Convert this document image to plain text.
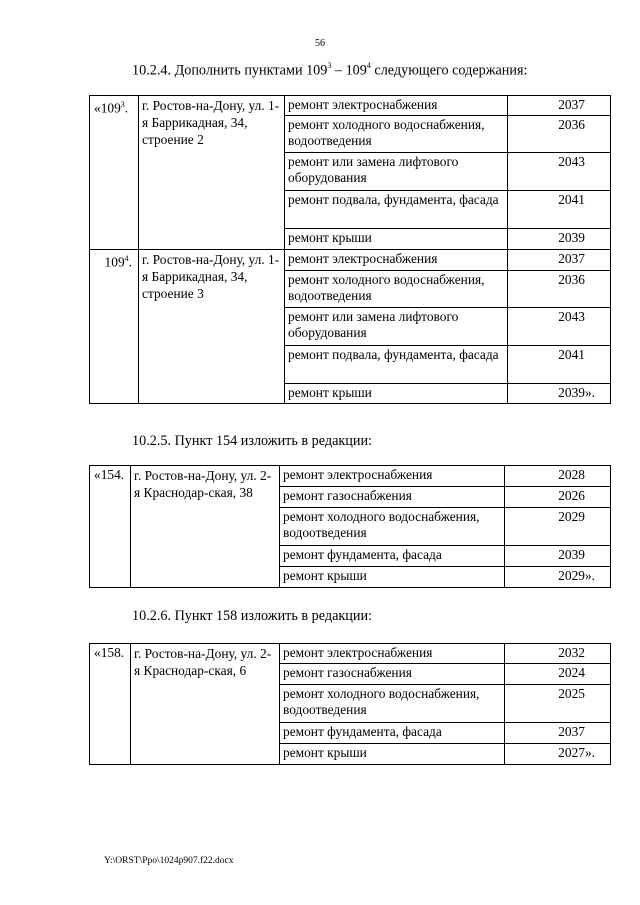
56
10.2.4. Дополнить пунктами $109^3 - 109^4$ следующего содержания:
«$109^3$.	г. Ростов-на-Дону, ул. 1-я Баррикадная, 34, строение 2	ремонт электроснабжения	2037
		ремонт холодного водоснабжения, водоотведения	2036
		ремонт или замена лифтового оборудования	2043
		ремонт подвала, фундамента, фасада	2041
		ремонт крыши	2039
$109^4$.	г. Ростов-на-Дону, ул. 1-я Баррикадная, 34, строение 3	ремонт электроснабжения	2037
		ремонт холодного водоснабжения, водоотведения	2036
		ремонт или замена лифтового оборудования	2043
		ремонт подвала, фундамента, фасада	2041
		ремонт крыши	2039».
10.2.5. Пункт 154 изложить в редакции:
«154.	г. Ростов-на-Дону, ул. 2-я Краснодар-ская, 38	ремонт электроснабжения	2028
		ремонт газоснабжения	2026
		ремонт холодного водоснабжения, водоотведения	2029
		ремонт фундамента, фасада	2039
		ремонт крыши	2029».
10.2.6. Пункт 158 изложить в редакции:
«158.	г. Ростов-на-Дону, ул. 2-я Краснодар-ская, 6	ремонт электроснабжения	2032
		ремонт газоснабжения	2024
		ремонт холодного водоснабжения, водоотведения	2025
		ремонт фундамента, фасада	2037
		ремонт крыши	2027».
Y:\ORST\Ppo\1024p907.f22.docx
